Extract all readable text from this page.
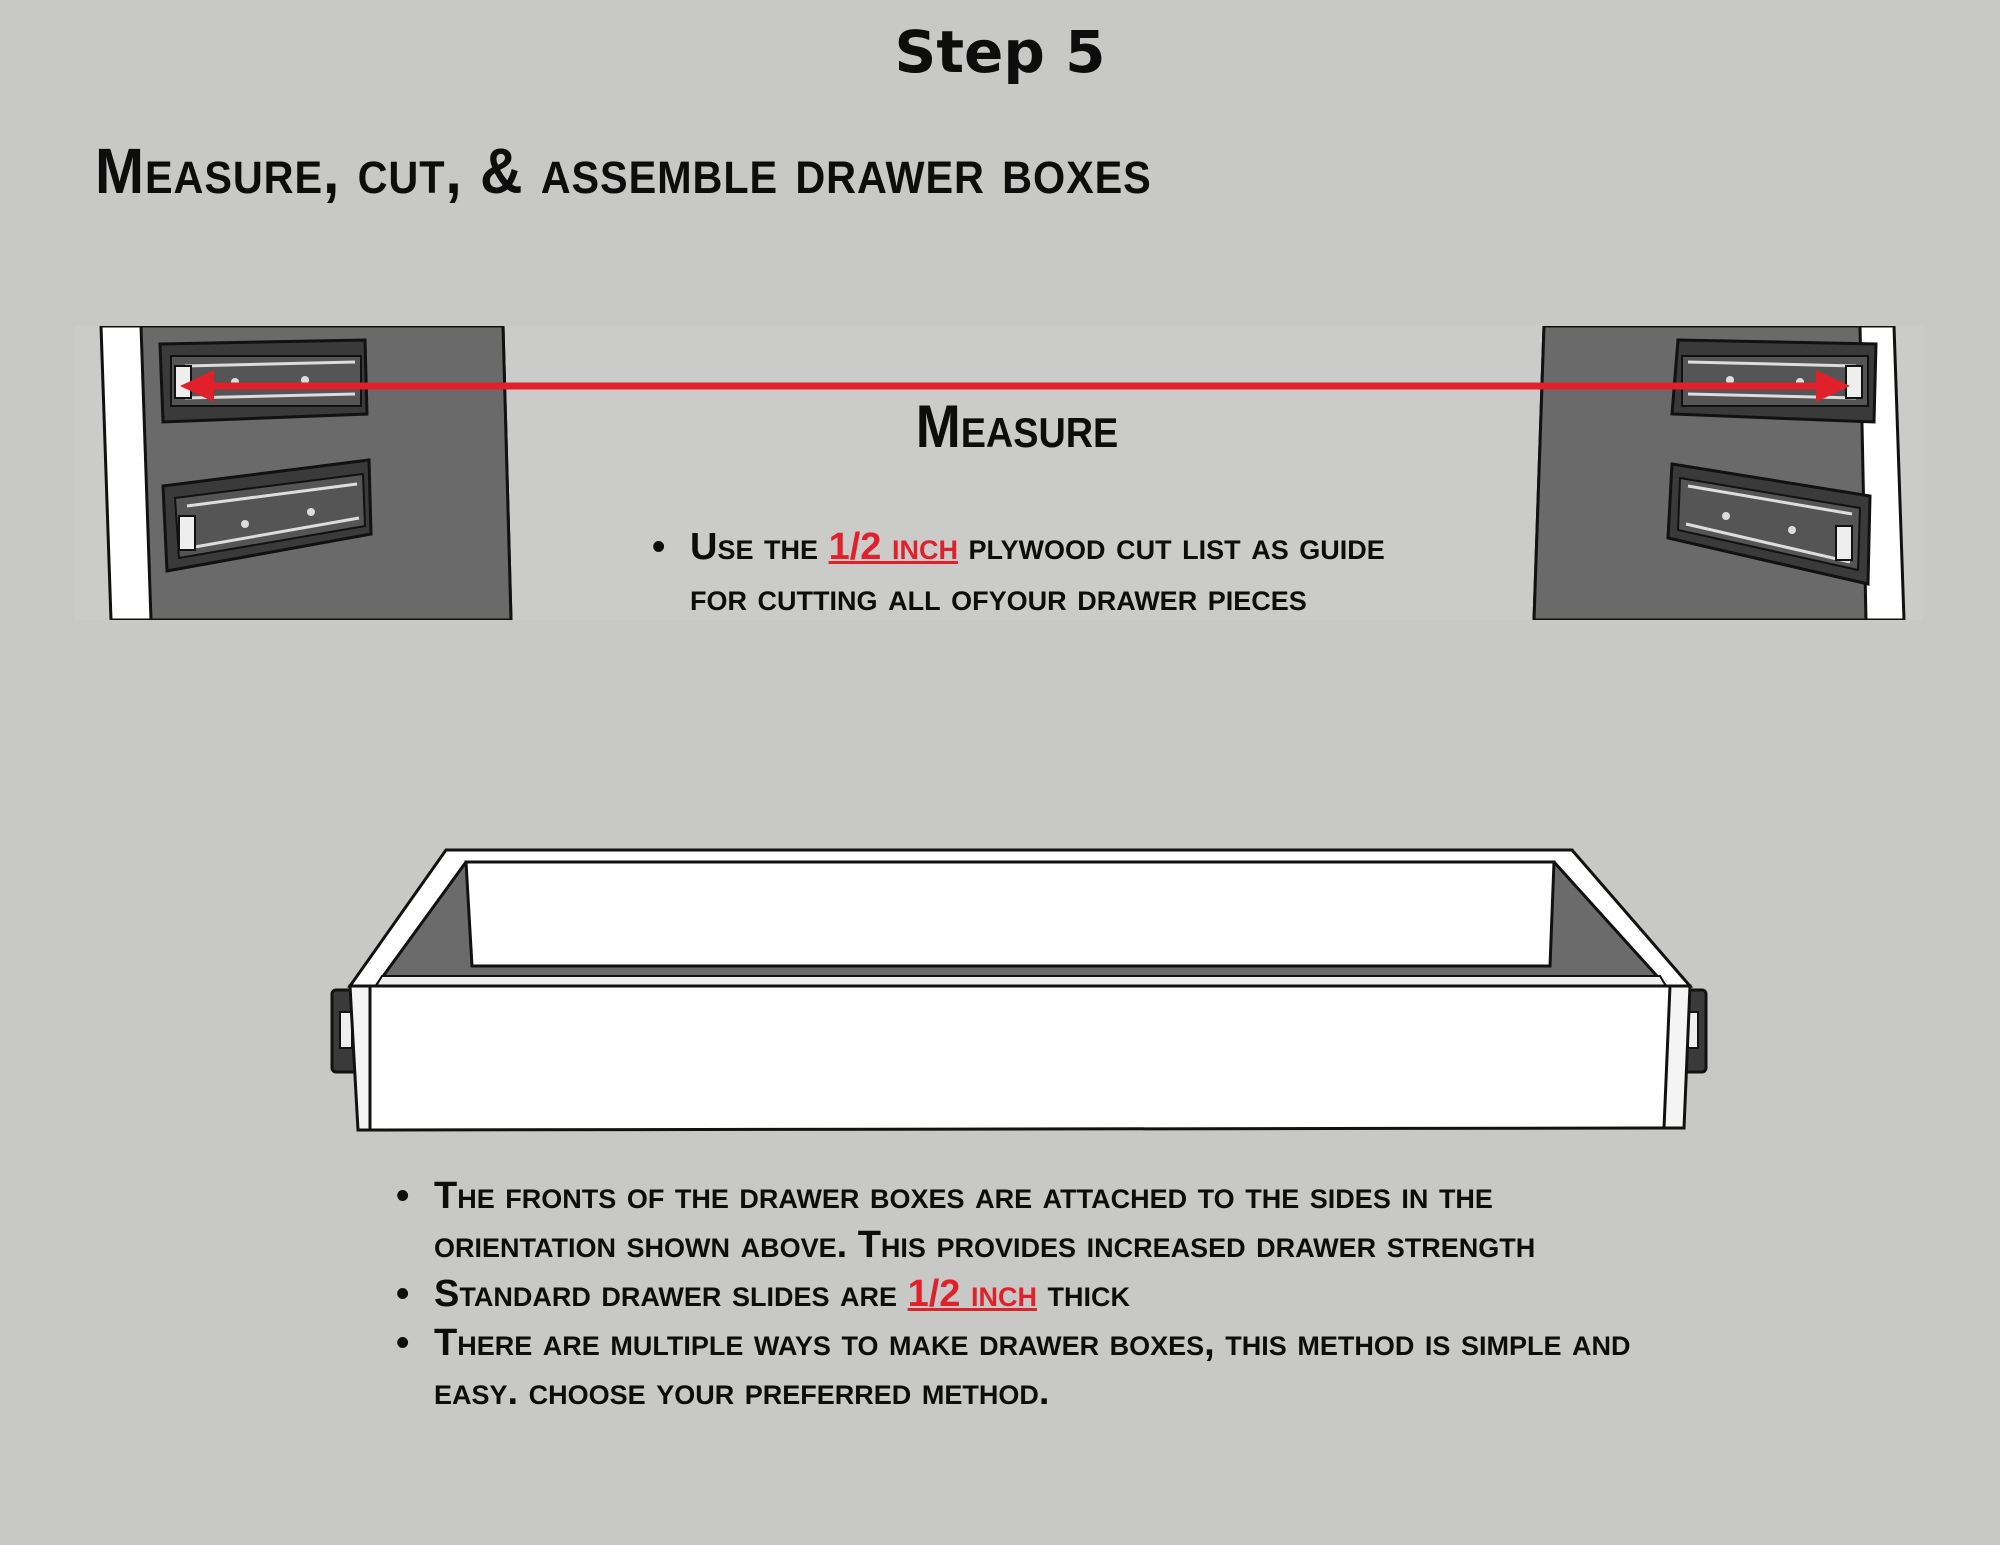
Step 5
Measure, cut, & assemble drawer boxes
Measure
• Use the 1/2 inch plywood cut list as guide
for cutting all ofyour drawer pieces
• The fronts of the drawer boxes are attached to the sides in the
orientation shown above. This provides increased drawer strength
• Standard drawer slides are 1/2 inch thick
• There are multiple ways to make drawer boxes, this method is simple and
easy. choose your preferred method.
